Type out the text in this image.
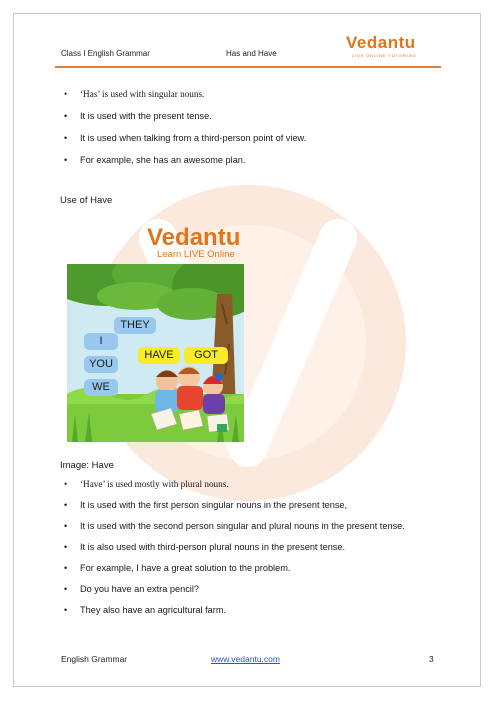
Class I English Grammar	Has and Have
Vedantu
LIVE ONLINE TUTORING
• ‘Has’ is used with singular nouns.
• It is used with the present tense.
• It is used when talking from a third-person point of view.
• For example, she has an awesome plan.
Use of Have
Vedantu
Learn LIVE Online
THEY
I
YOU
WE
HAVE	GOT
Image: Have
• ‘Have’ is used mostly with plural nouns.
• It is used with the first person singular nouns in the present tense,
• It is used with the second person singular and plural nouns in the present tense.
• It is also used with third-person plural nouns in the present tense.
• For example, I have a great solution to the problem.
• Do you have an extra pencil?
• They also have an agricultural farm.
English Grammar	www.vedantu.com	3
